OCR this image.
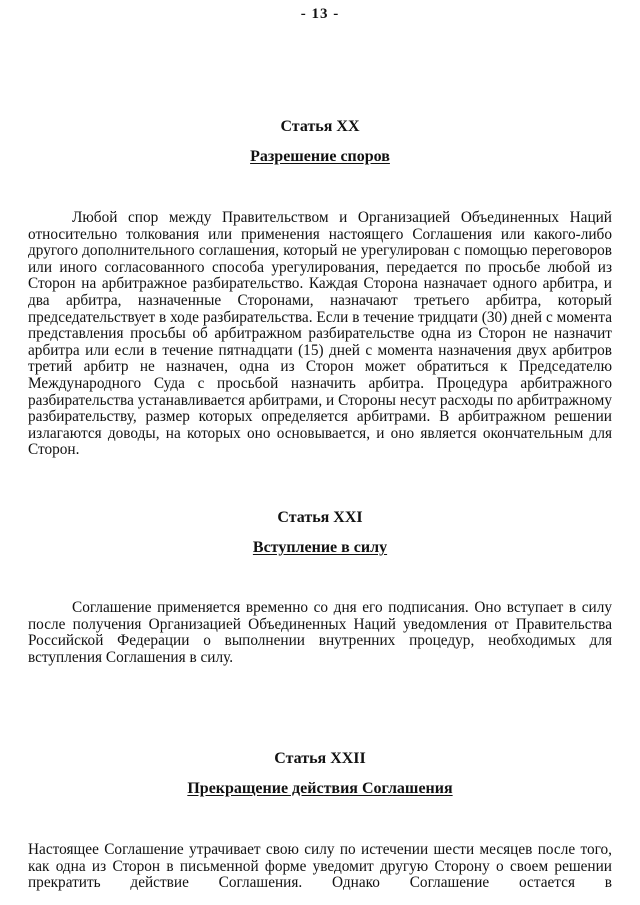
- 13 -
Статья XX
Разрешение споров

Любой спор между Правительством и Организацией Объединенных Наций относительно толкования или применения настоящего Соглашения или какого-либо другого дополнительного соглашения, который не урегулирован с помощью переговоров или иного согласованного способа урегулирования, передается по просьбе любой из Сторон на арбитражное разбирательство. Каждая Сторона назначает одного арбитра, и два арбитра, назначенные Сторонами, назначают третьего арбитра, который председательствует в ходе разбирательства. Если в течение тридцати (30) дней с момента представления просьбы об арбитражном разбирательстве одна из Сторон не назначит арбитра или если в течение пятнадцати (15) дней с момента назначения двух арбитров третий арбитр не назначен, одна из Сторон может обратиться к Председателю Международного Суда с просьбой назначить арбитра. Процедура арбитражного разбирательства устанавливается арбитрами, и Стороны несут расходы по арбитражному разбирательству, размер которых определяется арбитрами. В арбитражном решении излагаются доводы, на которых оно основывается, и оно является окончательным для Сторон.

Статья XXI
Вступление в силу

Соглашение применяется временно со дня его подписания. Оно вступает в силу после получения Организацией Объединенных Наций уведомления от Правительства Российской Федерации о выполнении внутренних процедур, необходимых для вступления Соглашения в силу.

Статья XXII
Прекращение действия Соглашения

Настоящее Соглашение утрачивает свою силу по истечении шести месяцев после того, как одна из Сторон в письменной форме уведомит другую Сторону о своем решении прекратить действие Соглашения. Однако Соглашение остается в
